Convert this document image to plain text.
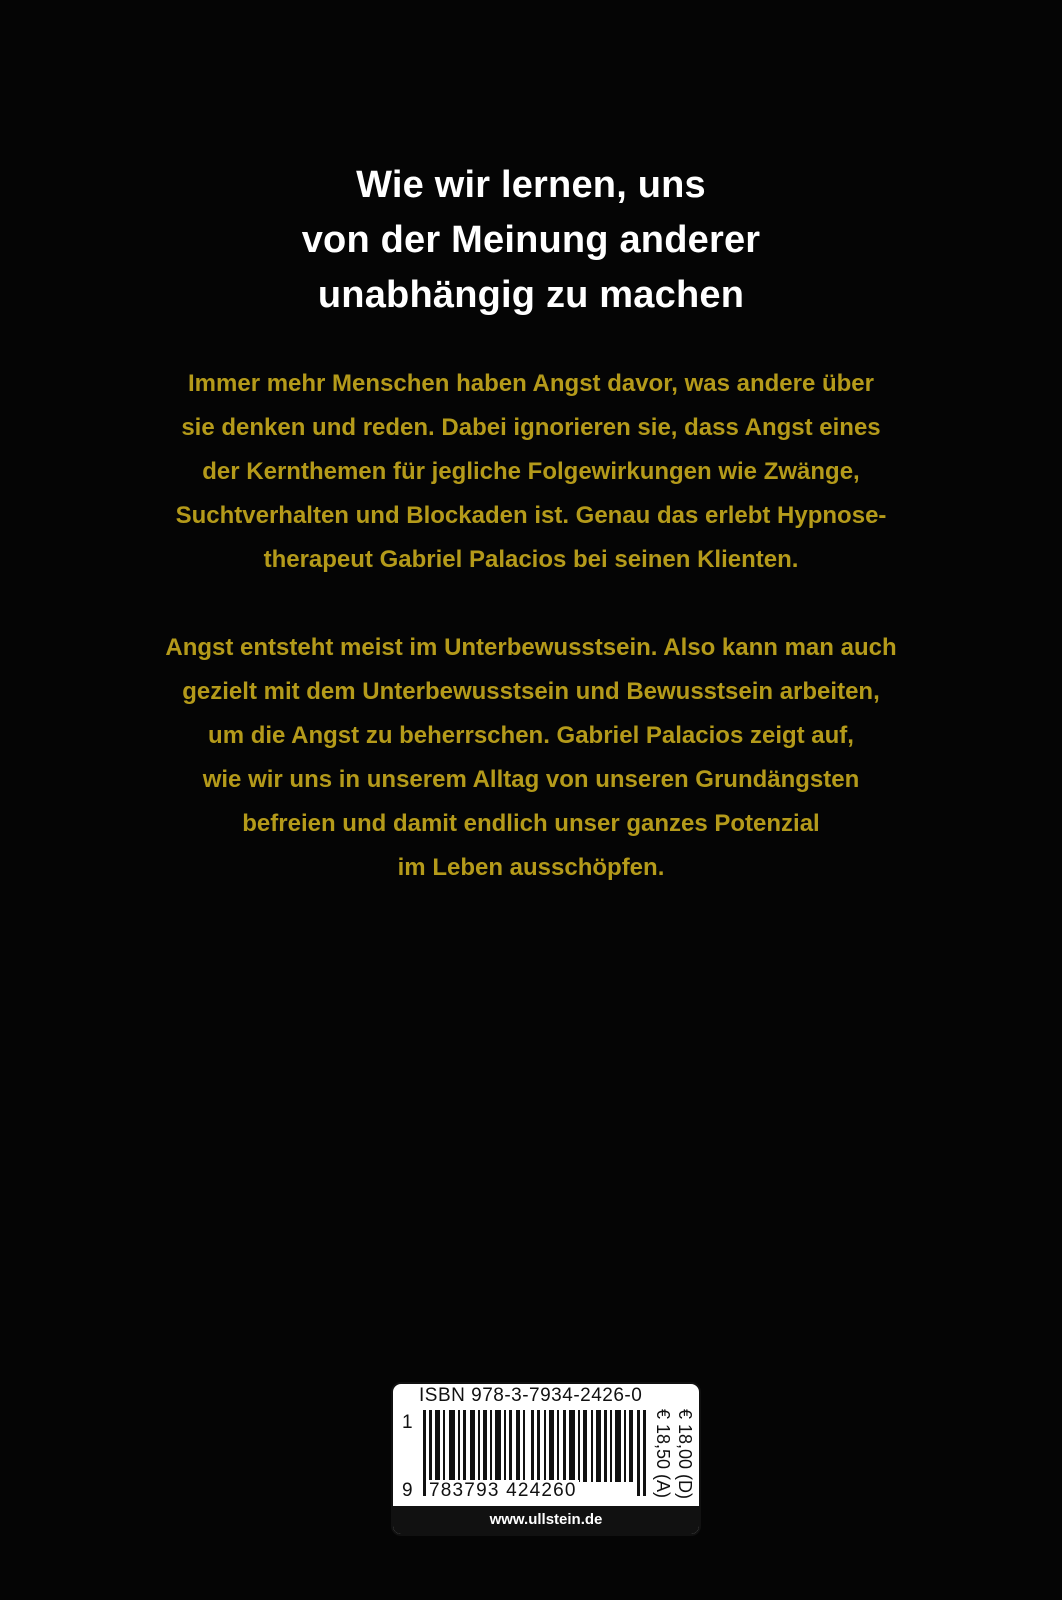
Wie wir lernen, uns
von der Meinung anderer
unabhängig zu machen
Immer mehr Menschen haben Angst davor, was andere über
sie denken und reden. Dabei ignorieren sie, dass Angst eines
der Kernthemen für jegliche Folgewirkungen wie Zwänge,
Suchtverhalten und Blockaden ist. Genau das erlebt Hypnose-
therapeut Gabriel Palacios bei seinen Klienten.
Angst entsteht meist im Unterbewusstsein. Also kann man auch
gezielt mit dem Unterbewusstsein und Bewusstsein arbeiten,
um die Angst zu beherrschen. Gabriel Palacios zeigt auf,
wie wir uns in unserem Alltag von unseren Grundängsten
befreien und damit endlich unser ganzes Potenzial
im Leben ausschöpfen.
ISBN 978-3-7934-2426-0
1
9 783793 424260	€ 18,00 (D)
€ 18,50 (A)
www.ullstein.de
